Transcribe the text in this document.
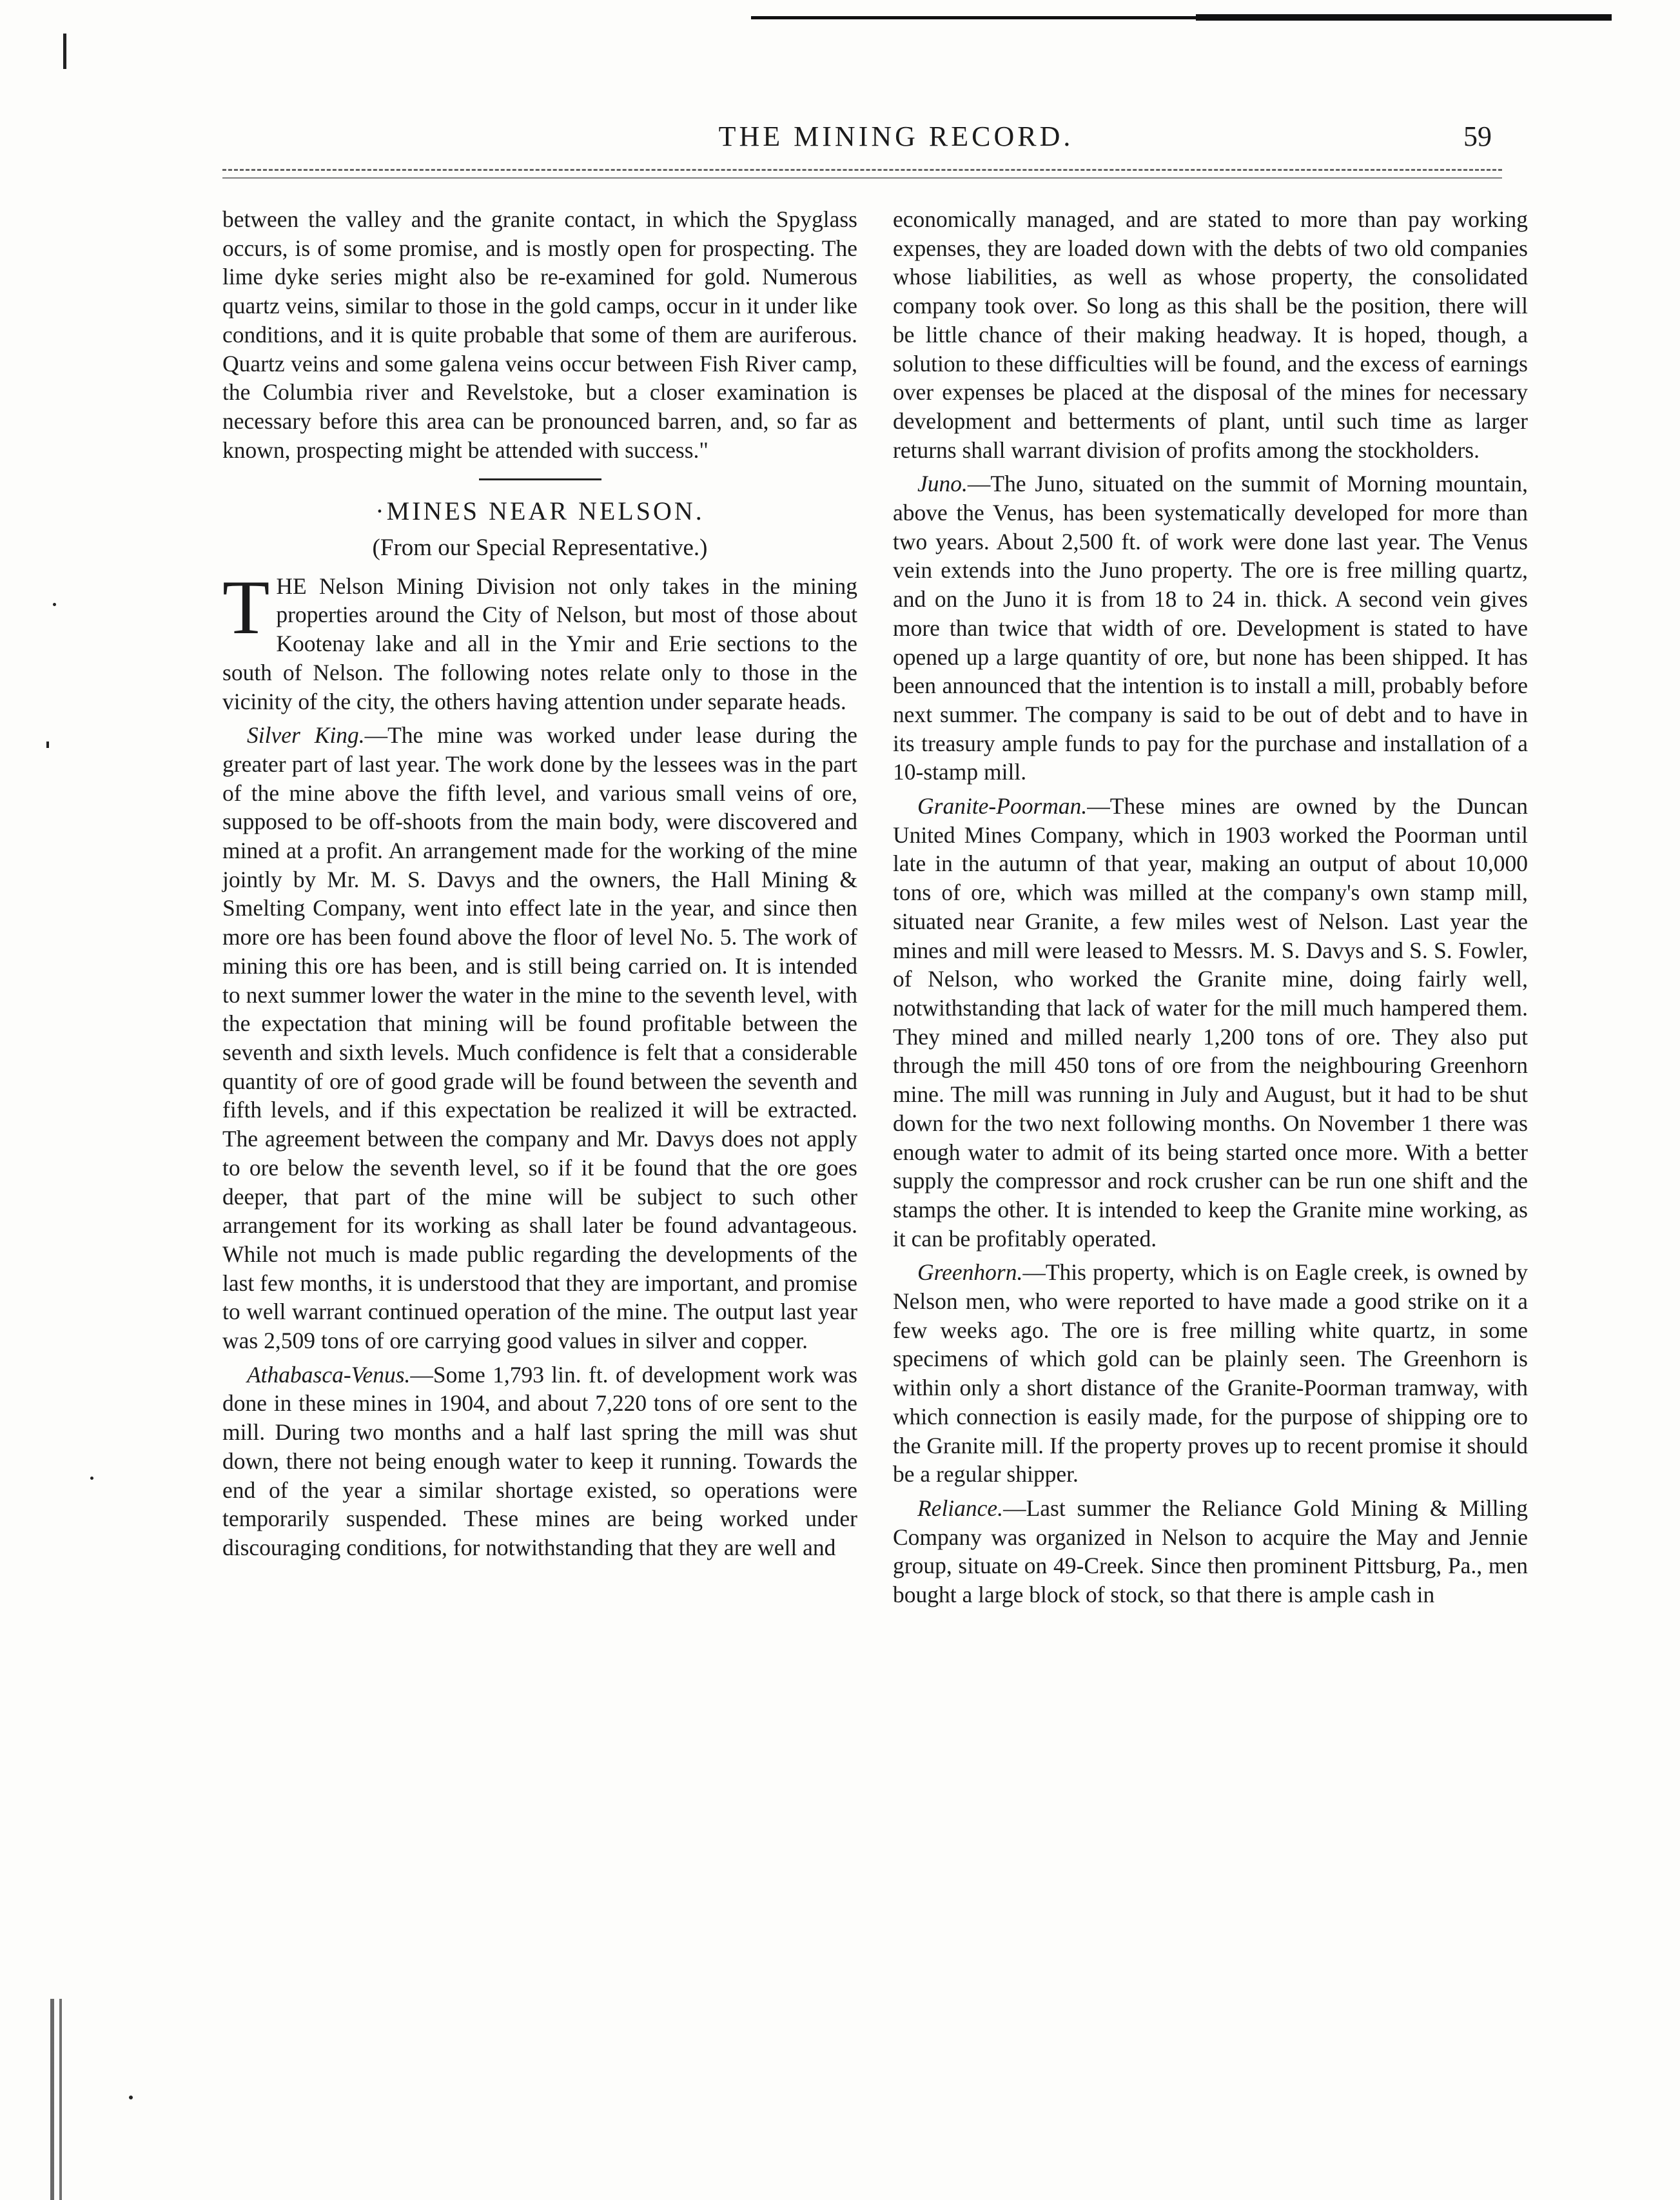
THE MINING RECORD.	59

between the valley and the granite contact, in which the Spyglass occurs, is of some promise, and is mostly open for prospecting. The lime dyke series might also be re-examined for gold. Numerous quartz veins, similar to those in the gold camps, occur in it under like conditions, and it is quite probable that some of them are auriferous. Quartz veins and some galena veins occur between Fish River camp, the Columbia river and Revelstoke, but a closer examination is necessary before this area can be pronounced barren, and, so far as known, prospecting might be attended with success."

·MINES NEAR NELSON.
(From our Special Representative.)

THE Nelson Mining Division not only takes in the mining properties around the City of Nelson, but most of those about Kootenay lake and all in the Ymir and Erie sections to the south of Nelson. The following notes relate only to those in the vicinity of the city, the others having attention under separate heads.

Silver King.—The mine was worked under lease during the greater part of last year. The work done by the lessees was in the part of the mine above the fifth level, and various small veins of ore, supposed to be off-shoots from the main body, were discovered and mined at a profit. An arrangement made for the working of the mine jointly by Mr. M. S. Davys and the owners, the Hall Mining & Smelting Company, went into effect late in the year, and since then more ore has been found above the floor of level No. 5. The work of mining this ore has been, and is still being carried on. It is intended to next summer lower the water in the mine to the seventh level, with the expectation that mining will be found profitable between the seventh and sixth levels. Much confidence is felt that a considerable quantity of ore of good grade will be found between the seventh and fifth levels, and if this expectation be realized it will be extracted. The agreement between the company and Mr. Davys does not apply to ore below the seventh level, so if it be found that the ore goes deeper, that part of the mine will be subject to such other arrangement for its working as shall later be found advantageous. While not much is made public regarding the developments of the last few months, it is understood that they are important, and promise to well warrant continued operation of the mine. The output last year was 2,509 tons of ore carrying good values in silver and copper.

Athabasca-Venus.—Some 1,793 lin. ft. of development work was done in these mines in 1904, and about 7,220 tons of ore sent to the mill. During two months and a half last spring the mill was shut down, there not being enough water to keep it running. Towards the end of the year a similar shortage existed, so operations were temporarily suspended. These mines are being worked under discouraging conditions, for notwithstanding that they are well and

economically managed, and are stated to more than pay working expenses, they are loaded down with the debts of two old companies whose liabilities, as well as whose property, the consolidated company took over. So long as this shall be the position, there will be little chance of their making headway. It is hoped, though, a solution to these difficulties will be found, and the excess of earnings over expenses be placed at the disposal of the mines for necessary development and betterments of plant, until such time as larger returns shall warrant division of profits among the stockholders.

Juno.—The Juno, situated on the summit of Morning mountain, above the Venus, has been systematically developed for more than two years. About 2,500 ft. of work were done last year. The Venus vein extends into the Juno property. The ore is free milling quartz, and on the Juno it is from 18 to 24 in. thick. A second vein gives more than twice that width of ore. Development is stated to have opened up a large quantity of ore, but none has been shipped. It has been announced that the intention is to install a mill, probably before next summer. The company is said to be out of debt and to have in its treasury ample funds to pay for the purchase and installation of a 10-stamp mill.

Granite-Poorman.—These mines are owned by the Duncan United Mines Company, which in 1903 worked the Poorman until late in the autumn of that year, making an output of about 10,000 tons of ore, which was milled at the company's own stamp mill, situated near Granite, a few miles west of Nelson. Last year the mines and mill were leased to Messrs. M. S. Davys and S. S. Fowler, of Nelson, who worked the Granite mine, doing fairly well, notwithstanding that lack of water for the mill much hampered them. They mined and milled nearly 1,200 tons of ore. They also put through the mill 450 tons of ore from the neighbouring Greenhorn mine. The mill was running in July and August, but it had to be shut down for the two next following months. On November 1 there was enough water to admit of its being started once more. With a better supply the compressor and rock crusher can be run one shift and the stamps the other. It is intended to keep the Granite mine working, as it can be profitably operated.

Greenhorn.—This property, which is on Eagle creek, is owned by Nelson men, who were reported to have made a good strike on it a few weeks ago. The ore is free milling white quartz, in some specimens of which gold can be plainly seen. The Greenhorn is within only a short distance of the Granite-Poorman tramway, with which connection is easily made, for the purpose of shipping ore to the Granite mill. If the property proves up to recent promise it should be a regular shipper.

Reliance.—Last summer the Reliance Gold Mining & Milling Company was organized in Nelson to acquire the May and Jennie group, situate on 49-Creek. Since then prominent Pittsburg, Pa., men bought a large block of stock, so that there is ample cash in
